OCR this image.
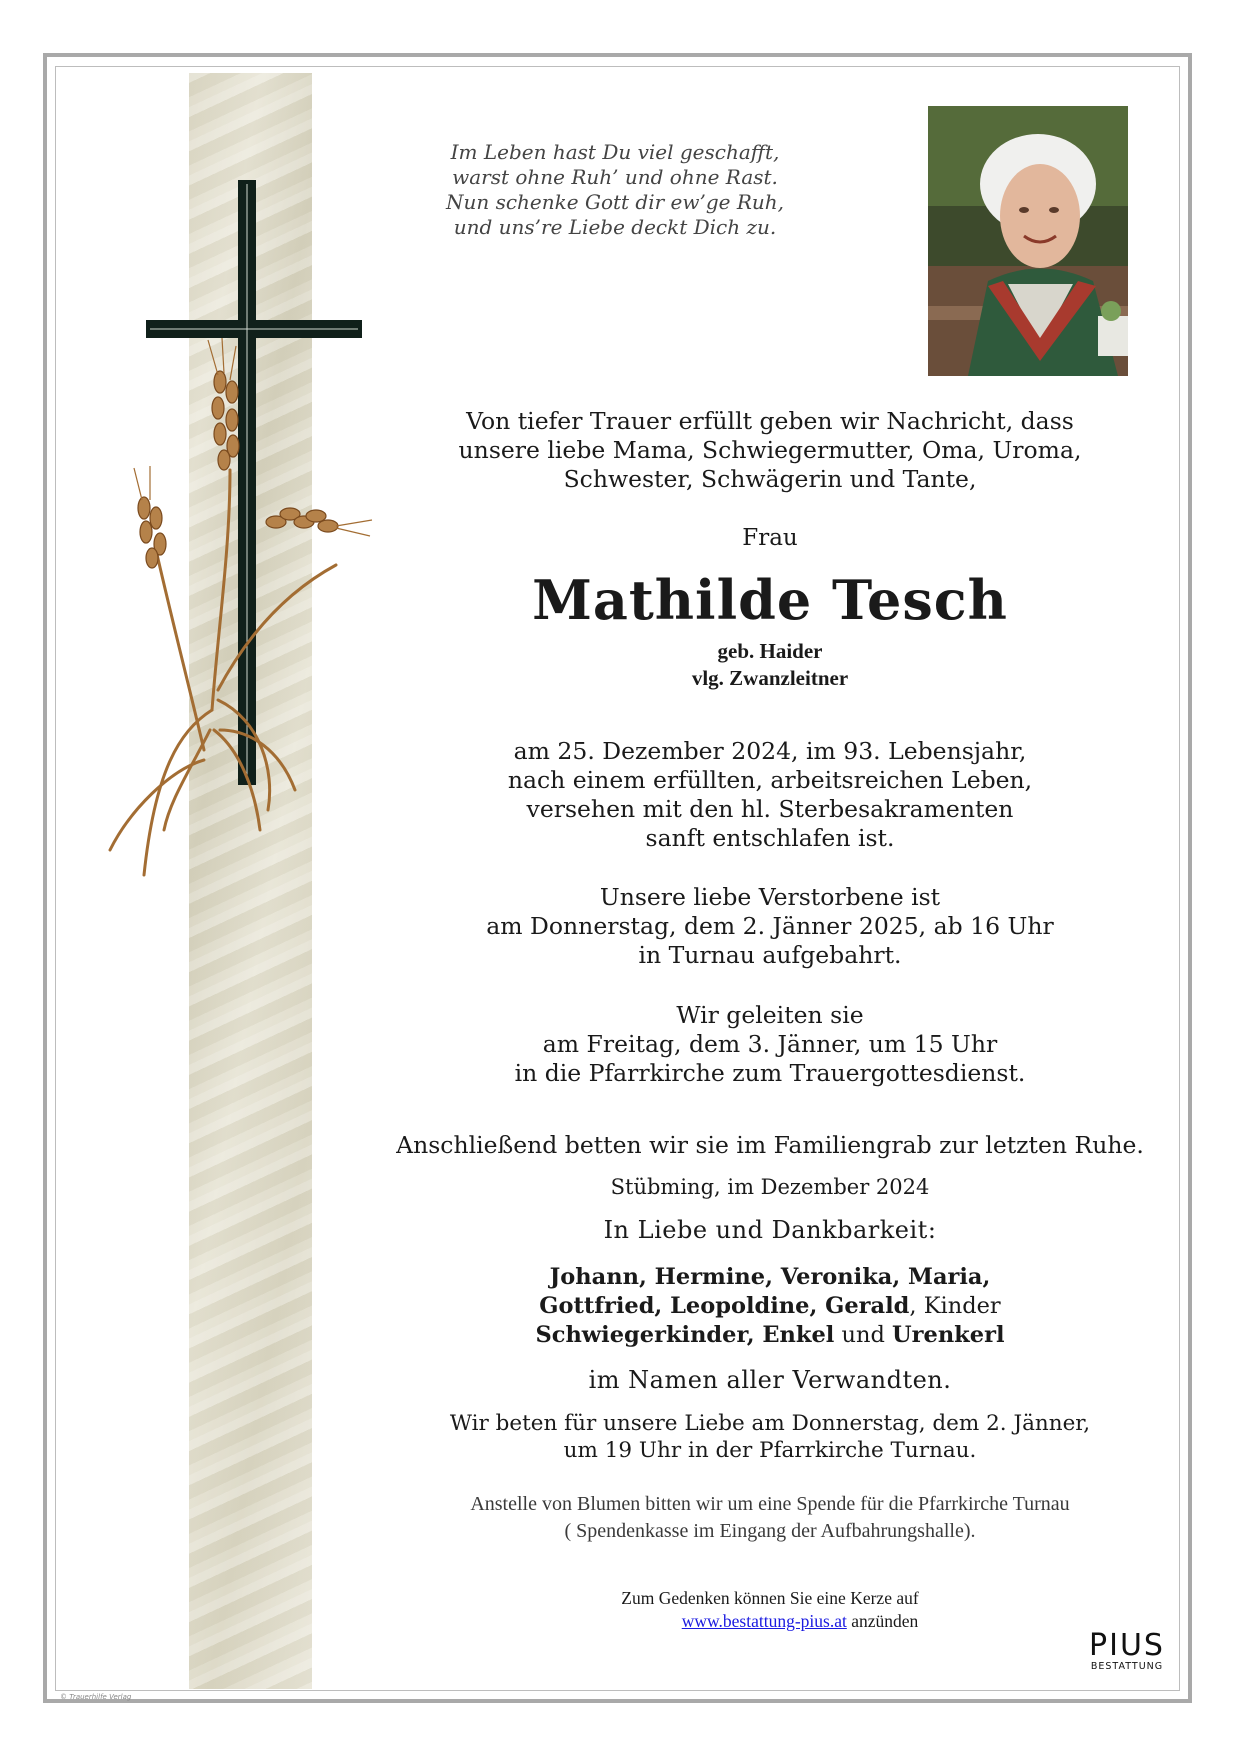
Im Leben hast Du viel geschafft,
warst ohne Ruh’ und ohne Rast.
Nun schenke Gott dir ew’ge Ruh,
und uns’re Liebe deckt Dich zu.
Von tiefer Trauer erfüllt geben wir Nachricht, dass
unsere liebe Mama, Schwiegermutter, Oma, Uroma,
Schwester, Schwägerin und Tante,
Frau
Mathilde Tesch
geb. Haider
vlg. Zwanzleitner
am 25. Dezember 2024, im 93. Lebensjahr,
nach einem erfüllten, arbeitsreichen Leben,
versehen mit den hl. Sterbesakramenten
sanft entschlafen ist.
Unsere liebe Verstorbene ist
am Donnerstag, dem 2. Jänner 2025, ab 16 Uhr
in Turnau aufgebahrt.
Wir geleiten sie
am Freitag, dem 3. Jänner, um 15 Uhr
in die Pfarrkirche zum Trauergottesdienst.
Anschließend betten wir sie im Familiengrab zur letzten Ruhe.
Stübming, im Dezember 2024
In Liebe und Dankbarkeit:
Johann, Hermine, Veronika, Maria,
Gottfried, Leopoldine, Gerald, Kinder
Schwiegerkinder, Enkel und Urenkerl
im Namen aller Verwandten.
Wir beten für unsere Liebe am Donnerstag, dem 2. Jänner,
um 19 Uhr in der Pfarrkirche Turnau.
Anstelle von Blumen bitten wir um eine Spende für die Pfarrkirche Turnau
( Spendenkasse im Eingang der Aufbahrungshalle).
Zum Gedenken können Sie eine Kerze auf
www.bestattung-pius.at anzünden
PIUS
BESTATTUNG
© Trauerhilfe Verlag
